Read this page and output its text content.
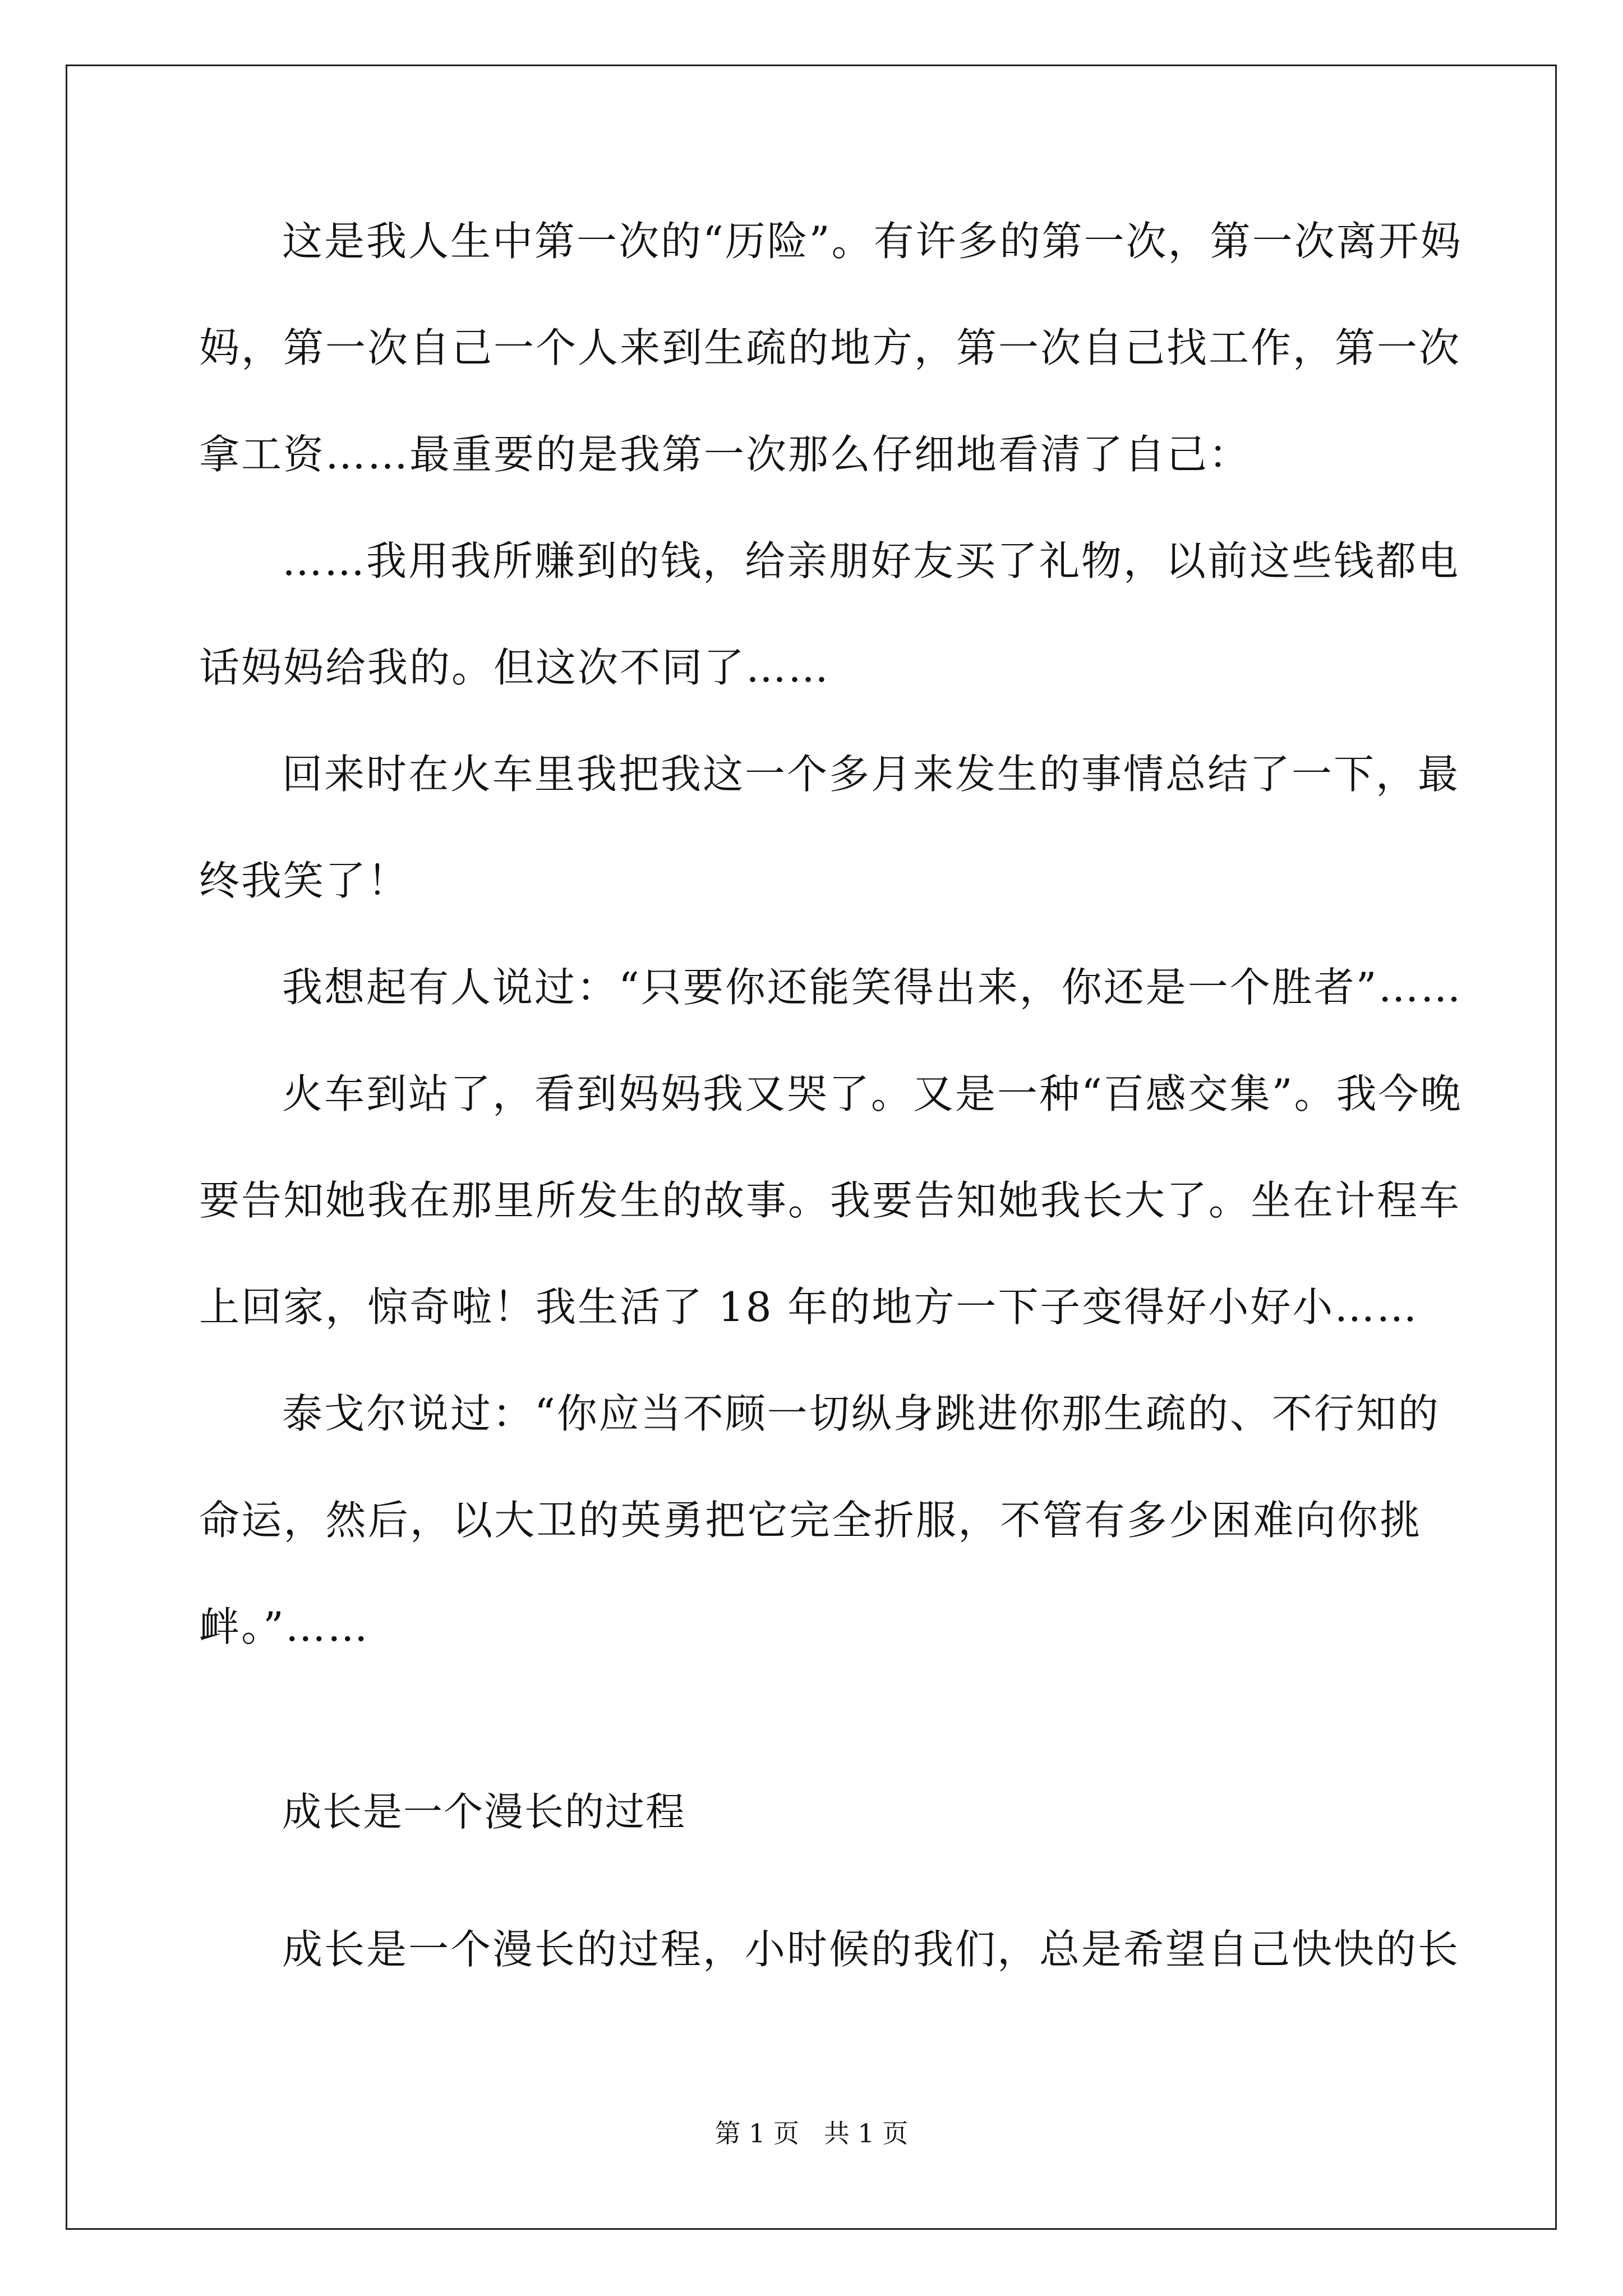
这是我人生中第一次的“历险”。有许多的第一次，第一次离开妈
妈，第一次自己一个人来到生疏的地方，第一次自己找工作，第一次
拿工资……最重要的是我第一次那么仔细地看清了自己：
……我用我所赚到的钱，给亲朋好友买了礼物，以前这些钱都电
话妈妈给我的。但这次不同了……
回来时在火车里我把我这一个多月来发生的事情总结了一下，最
终我笑了！
我想起有人说过：“只要你还能笑得出来，你还是一个胜者”……
火车到站了，看到妈妈我又哭了。又是一种“百感交集”。我今晚
要告知她我在那里所发生的故事。我要告知她我长大了。坐在计程车
上回家，惊奇啦！我生活了 18 年的地方一下子变得好小好小……
泰戈尔说过：“你应当不顾一切纵身跳进你那生疏的、不行知的
命运，然后，以大卫的英勇把它完全折服，不管有多少困难向你挑
衅。”……
成长是一个漫长的过程
成长是一个漫长的过程，小时候的我们，总是希望自己快快的长
第 1 页   共 1 页
